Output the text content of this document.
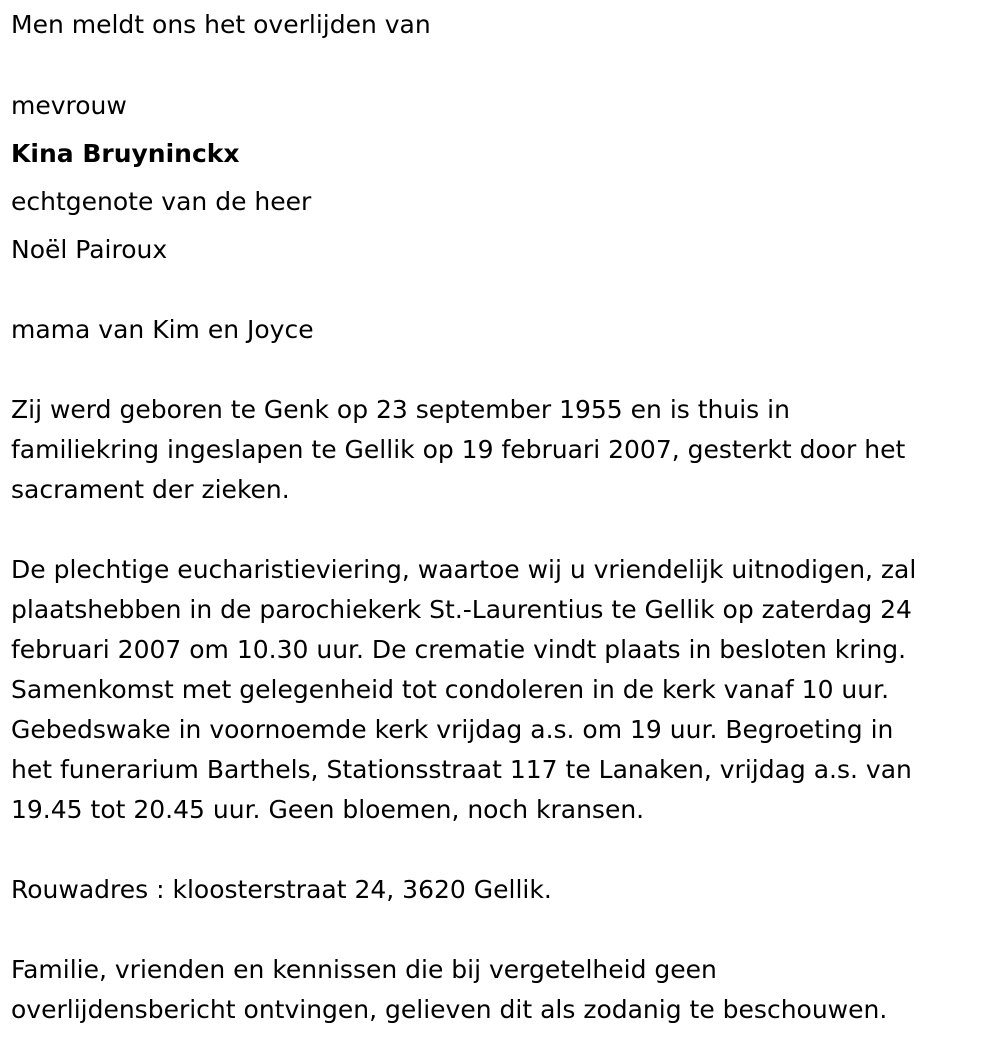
Men meldt ons het overlijden van

mevrouw

Kina Bruyninckx

echtgenote van de heer

Noël Pairoux

mama van Kim en Joyce

Zij werd geboren te Genk op 23 september 1955 en is thuis in
familiekring ingeslapen te Gellik op 19 februari 2007, gesterkt door het
sacrament der zieken.
De plechtige eucharistieviering, waartoe wij u vriendelijk uitnodigen, zal
plaatshebben in de parochiekerk St.-Laurentius te Gellik op zaterdag 24
februari 2007 om 10.30 uur. De crematie vindt plaats in besloten kring.
Samenkomst met gelegenheid tot condoleren in de kerk vanaf 10 uur.
Gebedswake in voornoemde kerk vrijdag a.s. om 19 uur. Begroeting in
het funerarium Barthels, Stationsstraat 117 te Lanaken, vrijdag a.s. van
19.45 tot 20.45 uur. Geen bloemen, noch kransen.

Rouwadres : kloosterstraat 24, 3620 Gellik.

Familie, vrienden en kennissen die bij vergetelheid geen
overlijdensbericht ontvingen, gelieven dit als zodanig te beschouwen.
